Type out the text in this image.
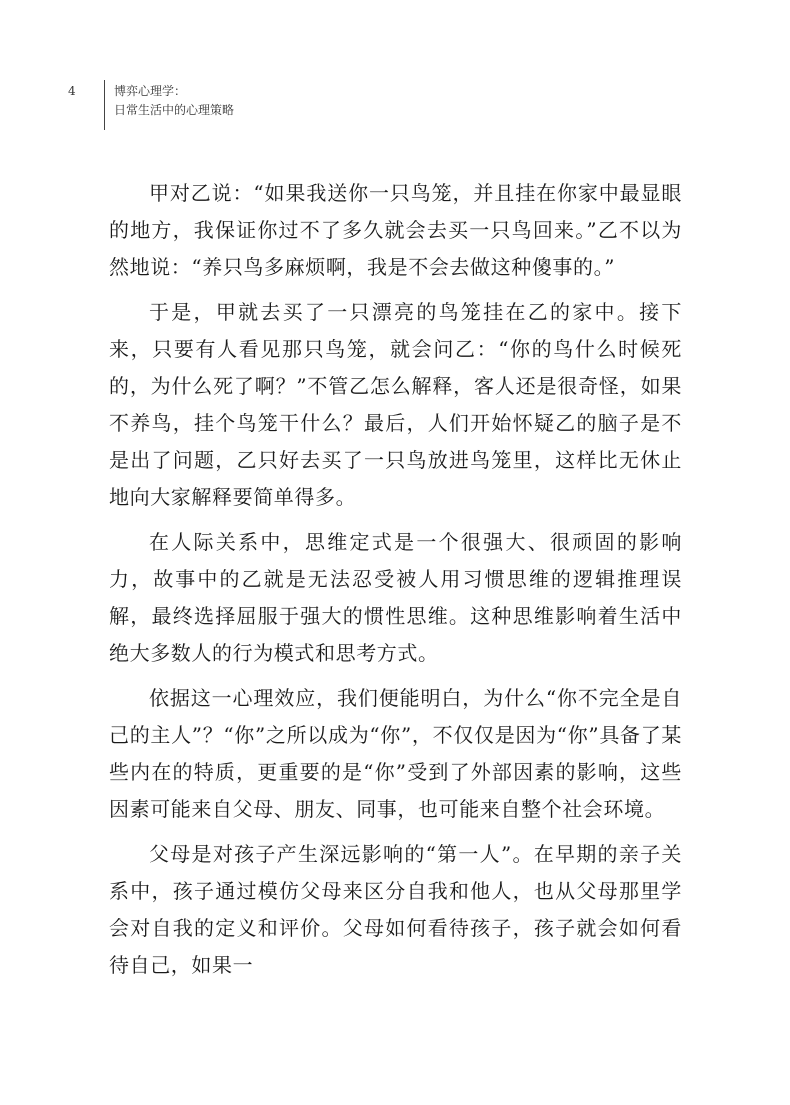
4	博弈心理学：
日常生活中的心理策略

甲对乙说：“如果我送你一只鸟笼，并且挂在你家中最显眼的地方，我保证你过不了多久就会去买一只鸟回来。”乙不以为然地说：“养只鸟多麻烦啊，我是不会去做这种傻事的。”

于是，甲就去买了一只漂亮的鸟笼挂在乙的家中。接下来，只要有人看见那只鸟笼，就会问乙：“你的鸟什么时候死的，为什么死了啊？”不管乙怎么解释，客人还是很奇怪，如果不养鸟，挂个鸟笼干什么？最后，人们开始怀疑乙的脑子是不是出了问题，乙只好去买了一只鸟放进鸟笼里，这样比无休止地向大家解释要简单得多。

在人际关系中，思维定式是一个很强大、很顽固的影响力，故事中的乙就是无法忍受被人用习惯思维的逻辑推理误解，最终选择屈服于强大的惯性思维。这种思维影响着生活中绝大多数人的行为模式和思考方式。

依据这一心理效应，我们便能明白，为什么“你不完全是自己的主人”？“你”之所以成为“你”，不仅仅是因为“你”具备了某些内在的特质，更重要的是“你”受到了外部因素的影响，这些因素可能来自父母、朋友、同事，也可能来自整个社会环境。

父母是对孩子产生深远影响的“第一人”。在早期的亲子关系中，孩子通过模仿父母来区分自我和他人，也从父母那里学会对自我的定义和评价。父母如何看待孩子，孩子就会如何看待自己，如果一
